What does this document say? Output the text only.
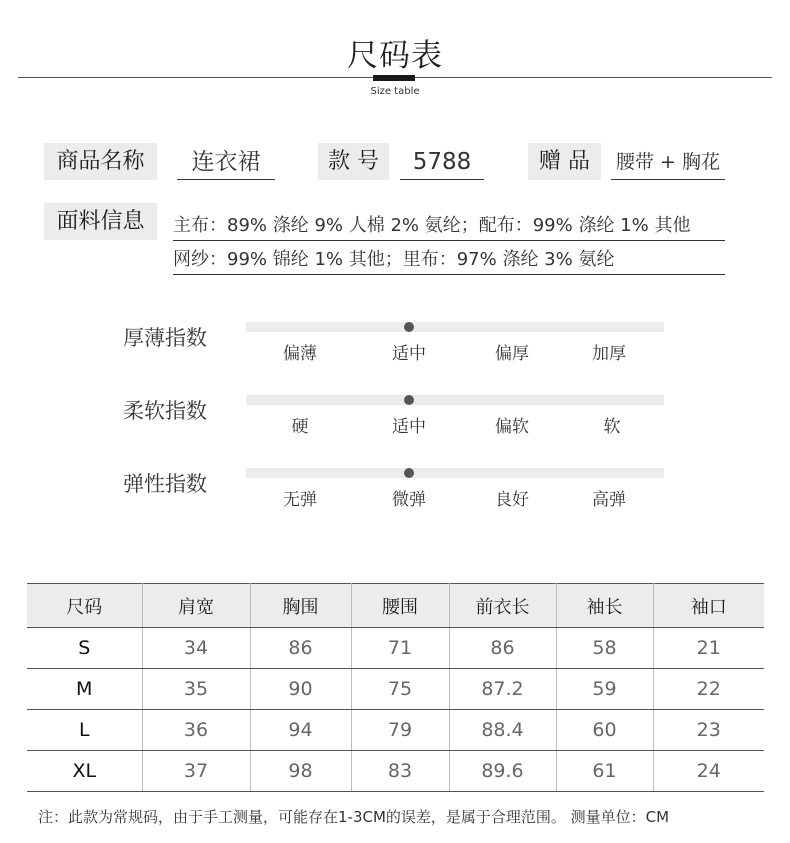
尺码表
Size table
商品名称	连衣裙	款 号	5788	赠 品	腰带 + 胸花
面料信息	主布：89% 涤纶 9% 人棉 2% 氨纶；配布：99% 涤纶 1% 其他
网纱：99% 锦纶 1% 其他；里布：97% 涤纶 3% 氨纶
厚薄指数
偏薄	适中	偏厚	加厚
柔软指数
硬	适中	偏软	软
弹性指数
无弹	微弹	良好	高弹
尺码	肩宽	胸围	腰围	前衣长	袖长	袖口
S	34	86	71	86	58	21
M	35	90	75	87.2	59	22
L	36	94	79	88.4	60	23
XL	37	98	83	89.6	61	24
注：此款为常规码，由于手工测量，可能存在1-3CM的误差，是属于合理范围。 测量单位：CM
